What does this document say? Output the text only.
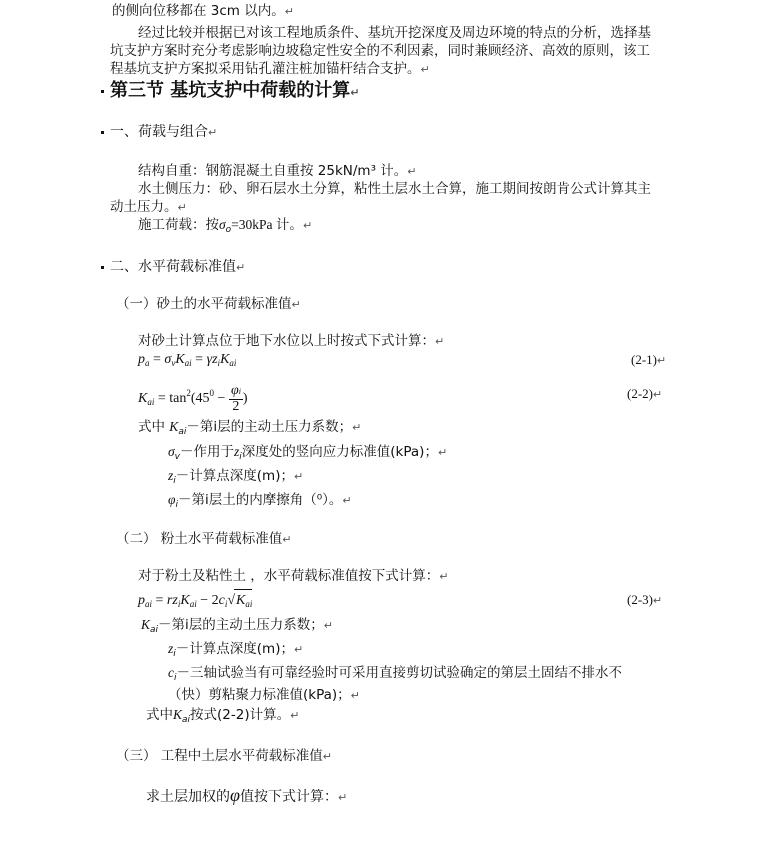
的侧向位移都在 3cm 以内。↵
经过比较并根据已对该工程地质条件、基坑开挖深度及周边环境的特点的分析，选择基
坑支护方案时充分考虑影响边坡稳定性安全的不利因素，同时兼顾经济、高效的原则，该工
程基坑支护方案拟采用钻孔灌注桩加锚杆结合支护。↵
第三节 基坑支护中荷载的计算↵
一、荷载与组合↵
结构自重：钢筋混凝土自重按 25kN/m³ 计。↵
水土侧压力：砂、卵石层水土分算，粘性土层水土合算，施工期间按朗肯公式计算其主
动土压力。↵
施工荷载：按$\sigma_o=30kPa$ 计。↵
二、水平荷载标准值↵
（一）砂土的水平荷载标准值↵
对砂土计算点位于地下水位以上时按式下式计算：↵
$p_a = \sigma_vK_{ai} = \gamma z_iK_{ai}$	(2-1)↵
$K_{ai} = \tan^2(45^0 - \frac{\varphi i}{2}$ )	(2-2)↵
式中 $K_{ai}-$第i层的主动土压力系数；↵
$\sigma_v-$作用于$z_i$深度处的竖向应力标准值(kPa)；↵
$z_i-$计算点深度(m)；↵
$\varphi_i-$第i层土的内摩擦角（⁰）。↵
（二） 粉土水平荷载标准值↵
对于粉土及粘性土 ，水平荷载标准值按下式计算：↵
$p_{ai} = rz_iK_{ai} - 2c_i√K_{ai}$	(2-3)↵
$K_{ai}-$第i层的主动土压力系数；↵
$z_i-$计算点深度(m)；↵
$c_i-$三轴试验当有可靠经验时可采用直接剪切试验确定的第层土固结不排水不
（快）剪粘聚力标准值(kPa)；↵
式中$K_{ai}$按式(2-2)计算。↵
（三） 工程中土层水平荷载标准值↵
求土层加权的φ值按下式计算：↵
